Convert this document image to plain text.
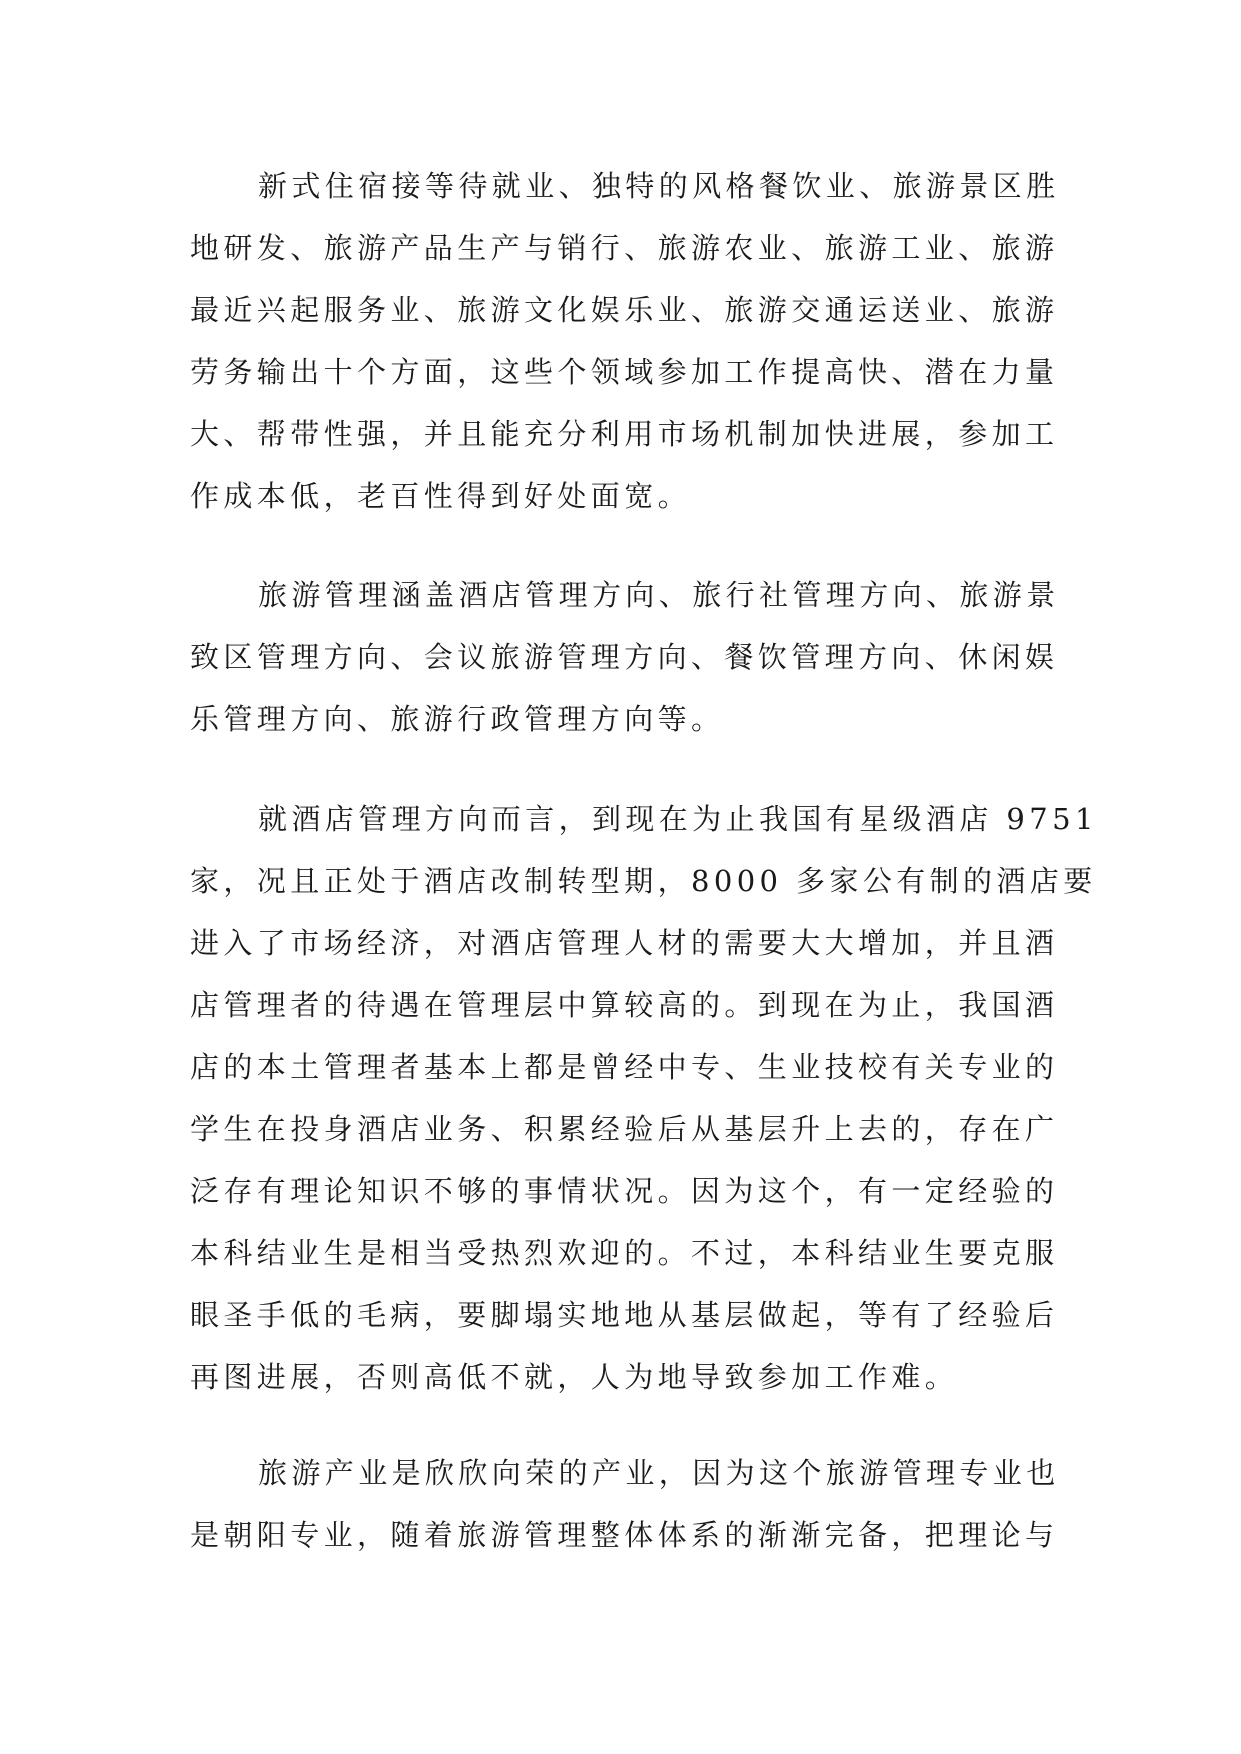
新式住宿接等待就业、独特的风格餐饮业、旅游景区胜
地研发、旅游产品生产与销行、旅游农业、旅游工业、旅游
最近兴起服务业、旅游文化娱乐业、旅游交通运送业、旅游
劳务输出十个方面，这些个领域参加工作提高快、潜在力量
大、帮带性强，并且能充分利用市场机制加快进展，参加工
作成本低，老百性得到好处面宽。

旅游管理涵盖酒店管理方向、旅行社管理方向、旅游景
致区管理方向、会议旅游管理方向、餐饮管理方向、休闲娱
乐管理方向、旅游行政管理方向等。

就酒店管理方向而言，到现在为止我国有星级酒店 9751
家，况且正处于酒店改制转型期，8000 多家公有制的酒店要
进入了市场经济，对酒店管理人材的需要大大增加，并且酒
店管理者的待遇在管理层中算较高的。到现在为止，我国酒
店的本土管理者基本上都是曾经中专、生业技校有关专业的
学生在投身酒店业务、积累经验后从基层升上去的，存在广
泛存有理论知识不够的事情状况。因为这个，有一定经验的
本科结业生是相当受热烈欢迎的。不过，本科结业生要克服
眼圣手低的毛病，要脚塌实地地从基层做起，等有了经验后
再图进展，否则高低不就，人为地导致参加工作难。

旅游产业是欣欣向荣的产业，因为这个旅游管理专业也
是朝阳专业，随着旅游管理整体体系的渐渐完备，把理论与
